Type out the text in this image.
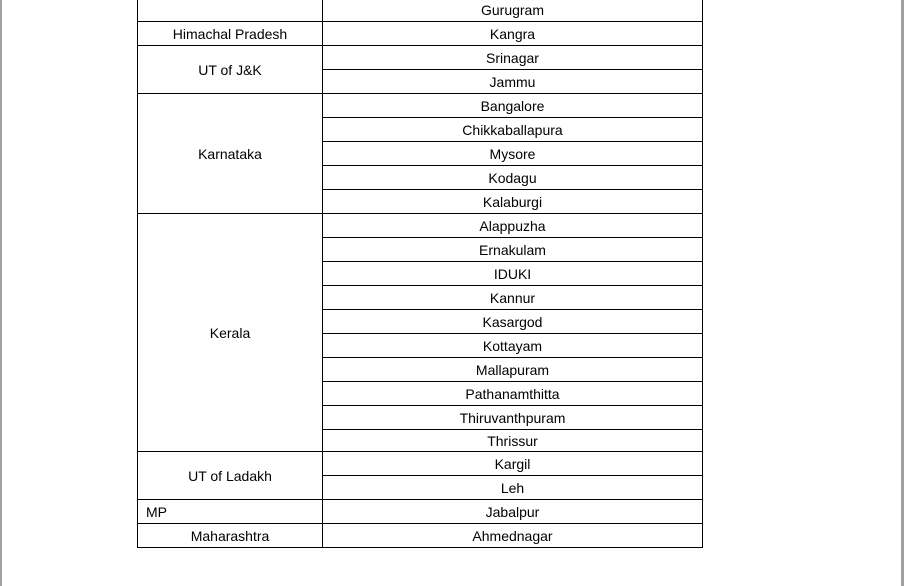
	Gurugram
Himachal Pradesh	Kangra
UT of J&K	Srinagar
	Jammu
Karnataka	Bangalore
	Chikkaballapura
	Mysore
	Kodagu
	Kalaburgi
Kerala	Alappuzha
	Ernakulam
	IDUKI
	Kannur
	Kasargod
	Kottayam
	Mallapuram
	Pathanamthitta
	Thiruvanthpuram
	Thrissur
UT of Ladakh	Kargil
	Leh
MP	Jabalpur
Maharashtra	Ahmednagar
